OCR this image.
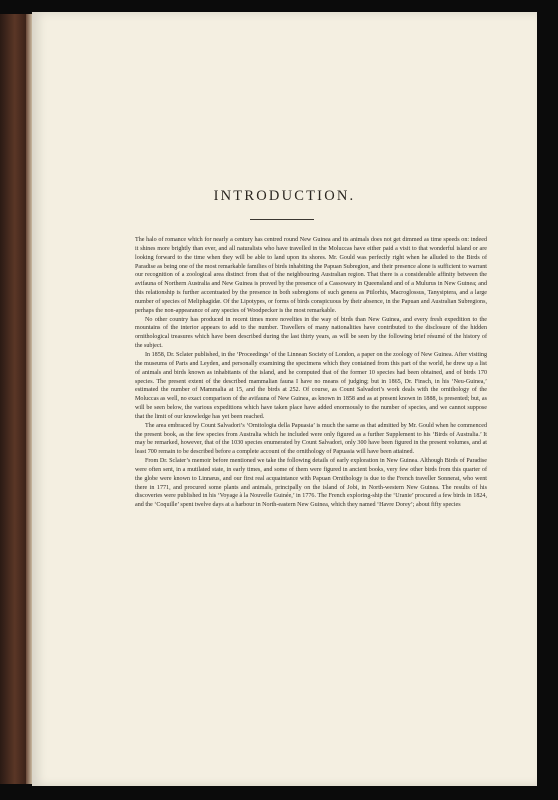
INTRODUCTION.

The halo of romance which for nearly a century has centred round New Guinea and its animals does not get dimmed as time speeds on: indeed it shines more brightly than ever, and all naturalists who have travelled in the Moluccas have either paid a visit to that wonderful island or are looking forward to the time when they will be able to land upon its shores. Mr. Gould was perfectly right when he alluded to the Birds of Paradise as being one of the most remarkable families of birds inhabiting the Papuan Subregion, and their presence alone is sufficient to warrant our recognition of a zoological area distinct from that of the neighbouring Australian region. That there is a considerable affinity between the avifauna of Northern Australia and New Guinea is proved by the presence of a Cassowary in Queensland and of a Mulurus in New Guinea; and this relationship is further accentuated by the presence in both subregions of such genera as Ptilorhis, Macroglossus, Tanysiptera, and a large number of species of Meliphagidæ. Of the Lipotypes, or forms of birds conspicuous by their absence, in the Papuan and Australian Subregions, perhaps the non-appearance of any species of Woodpecker is the most remarkable.

No other country has produced in recent times more novelties in the way of birds than New Guinea, and every fresh expedition to the mountains of the interior appears to add to the number. Travellers of many nationalities have contributed to the disclosure of the hidden ornithological treasures which have been described during the last thirty years, as will be seen by the following brief résumé of the history of the subject.

In 1858, Dr. Sclater published, in the ‘Proceedings’ of the Linnean Society of London, a paper on the zoology of New Guinea. After visiting the museums of Paris and Leyden, and personally examining the specimens which they contained from this part of the world, he drew up a list of animals and birds known as inhabitants of the island, and he computed that of the former 10 species had been obtained, and of birds 170 species. The present extent of the described mammalian fauna I have no means of judging; but in 1865, Dr. Finsch, in his ‘Neu-Guinea,’ estimated the number of Mammalia at 15, and the birds at 252. Of course, as Count Salvadori’s work deals with the ornithology of the Moluccas as well, no exact comparison of the avifauna of New Guinea, as known in 1858 and as at present known in 1888, is presented; but, as will be seen below, the various expeditions which have taken place have added enormously to the number of species, and we cannot suppose that the limit of our knowledge has yet been reached.

The area embraced by Count Salvadori’s ‘Ornitologia della Papuasia’ is much the same as that admitted by Mr. Gould when he commenced the present book, as the few species from Australia which he included were only figured as a further Supplement to his ‘Birds of Australia.’ It may be remarked, however, that of the 1030 species enumerated by Count Salvadori, only 300 have been figured in the present volumes, and at least 700 remain to be described before a complete account of the ornithology of Papuasia will have been attained.

From Dr. Sclater’s memoir before mentioned we take the following details of early exploration in New Guinea. Although Birds of Paradise were often sent, in a mutilated state, in early times, and some of them were figured in ancient books, very few other birds from this quarter of the globe were known to Linnæus, and our first real acquaintance with Papuan Ornithology is due to the French traveller Sonnerat, who went there in 1771, and procured some plants and animals, principally on the island of Jobi, in North-western New Guinea. The results of his discoveries were published in his ‘Voyage à la Nouvelle Guinée,’ in 1776. The French exploring-ship the ‘Uranie’ procured a few birds in 1824, and the ‘Coquille’ spent twelve days at a harbour in North-eastern New Guinea, which they named ‘Havre Dorey’; about fifty species
